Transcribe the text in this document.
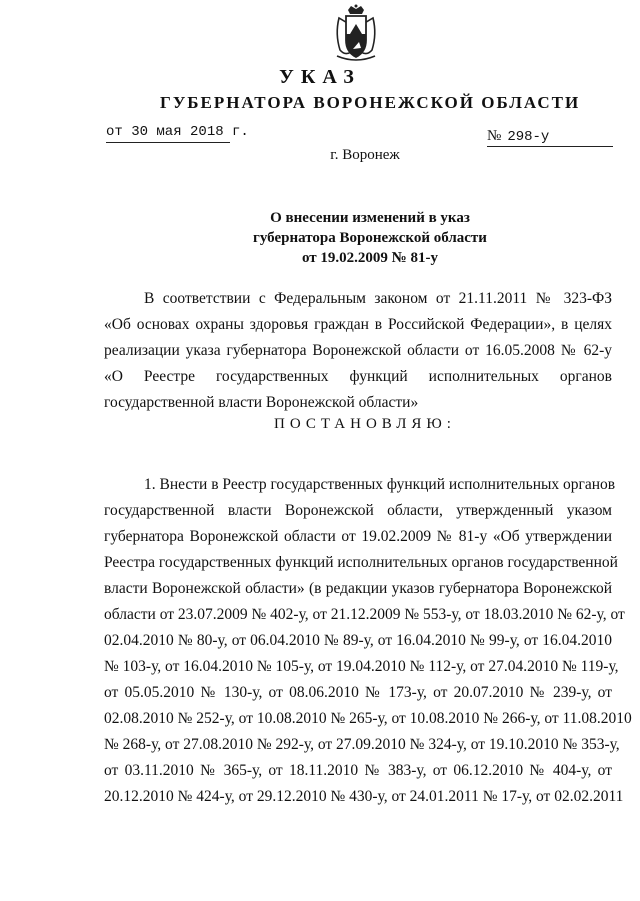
УКАЗ
ГУБЕРНАТОРА ВОРОНЕЖСКОЙ ОБЛАСТИ
от 30 мая 2018 г.	№ 298-у
г. Воронеж
О внесении изменений в указ
губернатора Воронежской области
от 19.02.2009 № 81-у
В соответствии с Федеральным законом от 21.11.2011 № 323-ФЗ
«Об основах охраны здоровья граждан в Российской Федерации», в целях
реализации указа губернатора Воронежской области от 16.05.2008 № 62-у
«О Реестре государственных функций исполнительных органов
государственной власти Воронежской области»
ПОСТАНОВЛЯЮ:
1. Внести в Реестр государственных функций исполнительных органов
государственной власти Воронежской области, утвержденный указом
губернатора Воронежской области от 19.02.2009 № 81-у «Об утверждении
Реестра государственных функций исполнительных органов государственной
власти Воронежской области» (в редакции указов губернатора Воронежской
области от 23.07.2009 № 402-у, от 21.12.2009 № 553-у, от 18.03.2010 № 62-у, от
02.04.2010 № 80-у, от 06.04.2010 № 89-у, от 16.04.2010 № 99-у, от 16.04.2010
№ 103-у, от 16.04.2010 № 105-у, от 19.04.2010 № 112-у, от 27.04.2010 № 119-у,
от 05.05.2010 № 130-у, от 08.06.2010 № 173-у, от 20.07.2010 № 239-у, от
02.08.2010 № 252-у, от 10.08.2010 № 265-у, от 10.08.2010 № 266-у, от 11.08.2010
№ 268-у, от 27.08.2010 № 292-у, от 27.09.2010 № 324-у, от 19.10.2010 № 353-у,
от 03.11.2010 № 365-у, от 18.11.2010 № 383-у, от 06.12.2010 № 404-у, от
20.12.2010 № 424-у, от 29.12.2010 № 430-у, от 24.01.2011 № 17-у, от 02.02.2011
